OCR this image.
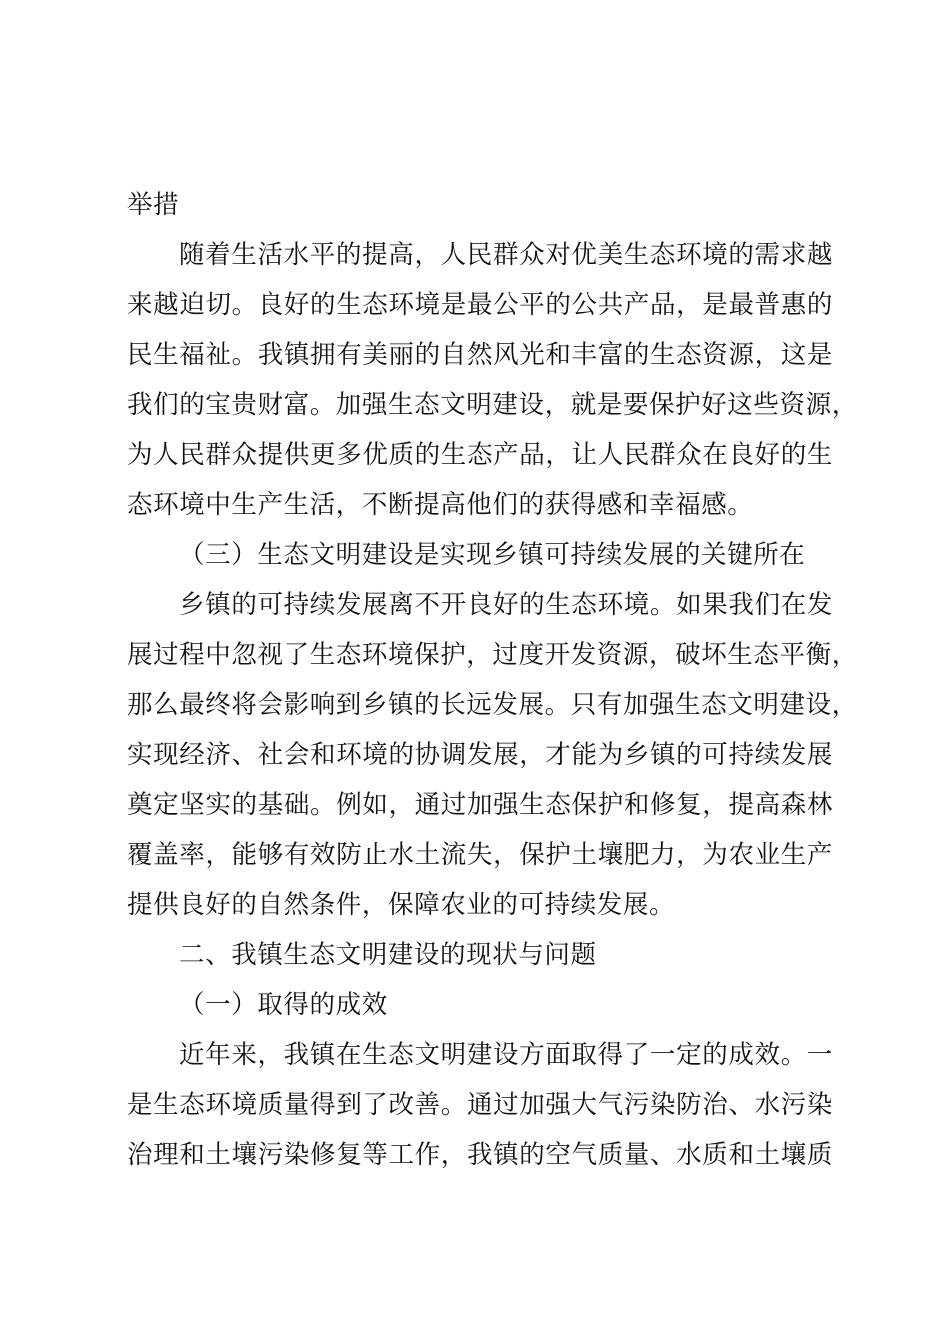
举措
随着生活水平的提高，人民群众对优美生态环境的需求越
来越迫切。良好的生态环境是最公平的公共产品，是最普惠的
民生福祉。我镇拥有美丽的自然风光和丰富的生态资源，这是
我们的宝贵财富。加强生态文明建设，就是要保护好这些资源，
为人民群众提供更多优质的生态产品，让人民群众在良好的生
态环境中生产生活，不断提高他们的获得感和幸福感。
（三）生态文明建设是实现乡镇可持续发展的关键所在
乡镇的可持续发展离不开良好的生态环境。如果我们在发
展过程中忽视了生态环境保护，过度开发资源，破坏生态平衡，
那么最终将会影响到乡镇的长远发展。只有加强生态文明建设，
实现经济、社会和环境的协调发展，才能为乡镇的可持续发展
奠定坚实的基础。例如，通过加强生态保护和修复，提高森林
覆盖率，能够有效防止水土流失，保护土壤肥力，为农业生产
提供良好的自然条件，保障农业的可持续发展。
二、我镇生态文明建设的现状与问题
（一）取得的成效
近年来，我镇在生态文明建设方面取得了一定的成效。一
是生态环境质量得到了改善。通过加强大气污染防治、水污染
治理和土壤污染修复等工作，我镇的空气质量、水质和土壤质
